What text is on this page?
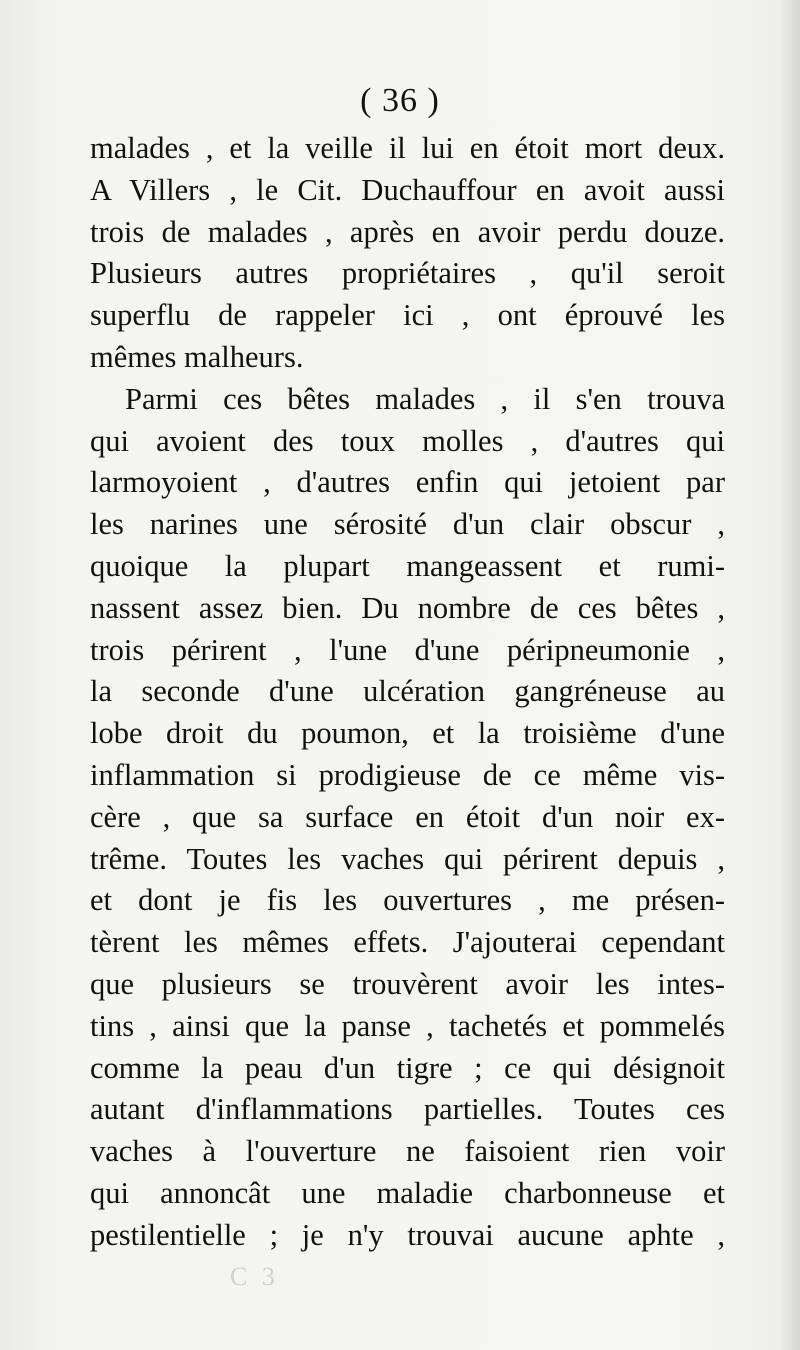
( 36 )
malades , et la veille il lui en étoit mort deux.
A Villers , le Cit. Duchauffour en avoit aussi
trois de malades , après en avoir perdu douze.
Plusieurs autres propriétaires , qu'il seroit
superflu de rappeler ici , ont éprouvé les
mêmes malheurs.
Parmi ces bêtes malades , il s'en trouva
qui avoient des toux molles , d'autres qui
larmoyoient , d'autres enfin qui jetoient par
les narines une sérosité d'un clair obscur ,
quoique la plupart mangeassent et rumi-
nassent assez bien. Du nombre de ces bêtes ,
trois périrent , l'une d'une péripneumonie ,
la seconde d'une ulcération gangréneuse au
lobe droit du poumon, et la troisième d'une
inflammation si prodigieuse de ce même vis-
cère , que sa surface en étoit d'un noir ex-
trême. Toutes les vaches qui périrent depuis ,
et dont je fis les ouvertures , me présen-
tèrent les mêmes effets. J'ajouterai cependant
que plusieurs se trouvèrent avoir les intes-
tins , ainsi que la panse , tachetés et pommelés
comme la peau d'un tigre ; ce qui désignoit
autant d'inflammations partielles. Toutes ces
vaches à l'ouverture ne faisoient rien voir
qui annoncât une maladie charbonneuse et
pestilentielle ; je n'y trouvai aucune aphte ,
C 3
